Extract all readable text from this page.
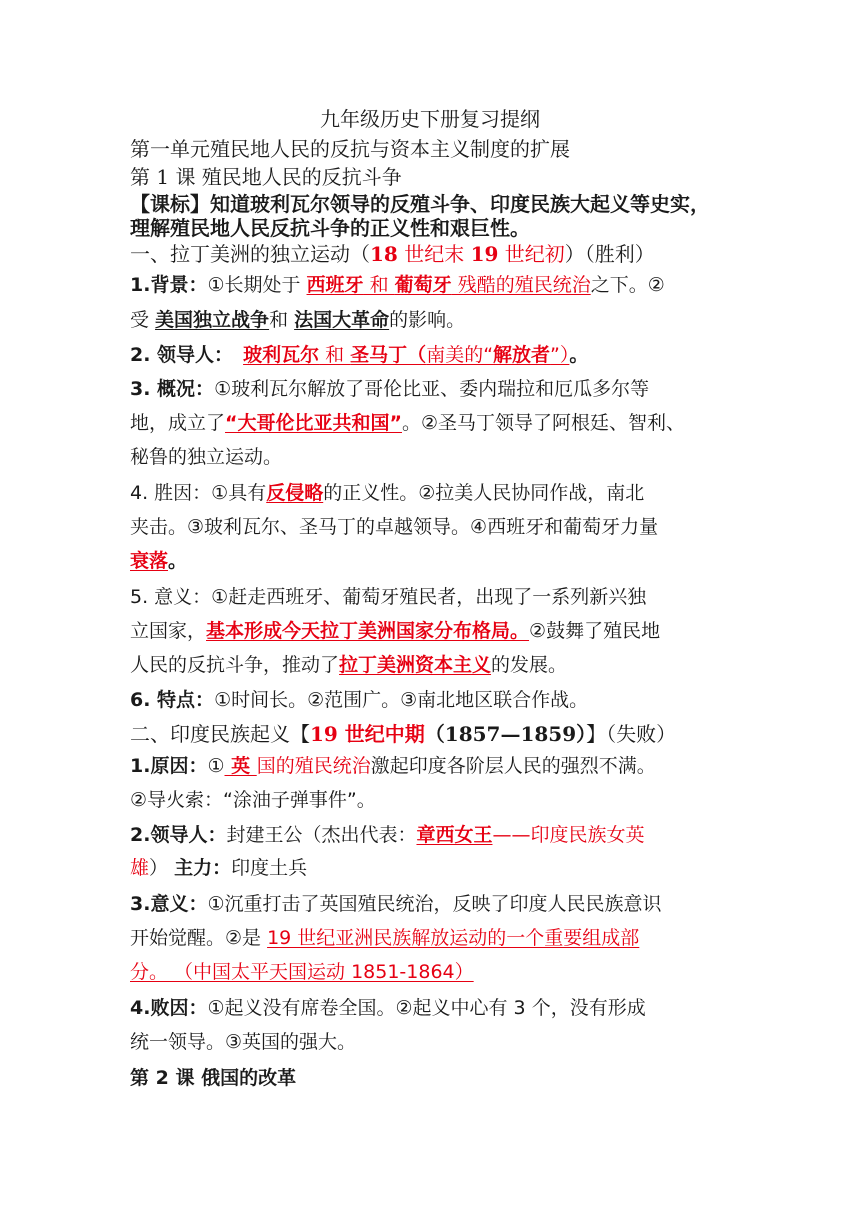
九年级历史下册复习提纲
第一单元殖民地人民的反抗与资本主义制度的扩展
第 1 课 殖民地人民的反抗斗争
【课标】知道玻利瓦尔领导的反殖斗争、印度民族大起义等史实，
理解殖民地人民反抗斗争的正义性和艰巨性。
一、拉丁美洲的独立运动（18 世纪末 19 世纪初）（胜利）
1.背景：①长期处于 西班牙 和 葡萄牙 残酷的殖民统治之下。②
受 美国独立战争和 法国大革命的影响。
2. 领导人： 玻利瓦尔 和 圣马丁（南美的“解放者”）。
3. 概况：①玻利瓦尔解放了哥伦比亚、委内瑞拉和厄瓜多尔等
地，成立了“大哥伦比亚共和国”。②圣马丁领导了阿根廷、智利、
秘鲁的独立运动。
4. 胜因：①具有反侵略的正义性。②拉美人民协同作战，南北
夹击。③玻利瓦尔、圣马丁的卓越领导。④西班牙和葡萄牙力量
衰落。
5. 意义：①赶走西班牙、葡萄牙殖民者，出现了一系列新兴独
立国家，基本形成今天拉丁美洲国家分布格局。②鼓舞了殖民地
人民的反抗斗争，推动了拉丁美洲资本主义的发展。
6. 特点：①时间长。②范围广。③南北地区联合作战。
二、印度民族起义【19 世纪中期（1857—1859）】（失败）
1.原因：① 英 国的殖民统治激起印度各阶层人民的强烈不满。
②导火索：“涂油子弹事件”。
2.领导人：封建王公（杰出代表：章西女王——印度民族女英
雄） 主力：印度土兵
3.意义：①沉重打击了英国殖民统治，反映了印度人民民族意识
开始觉醒。②是 19 世纪亚洲民族解放运动的一个重要组成部
分。 （中国太平天国运动 1851-1864）
4.败因：①起义没有席卷全国。②起义中心有 3 个，没有形成
统一领导。③英国的强大。
第 2 课 俄国的改革
